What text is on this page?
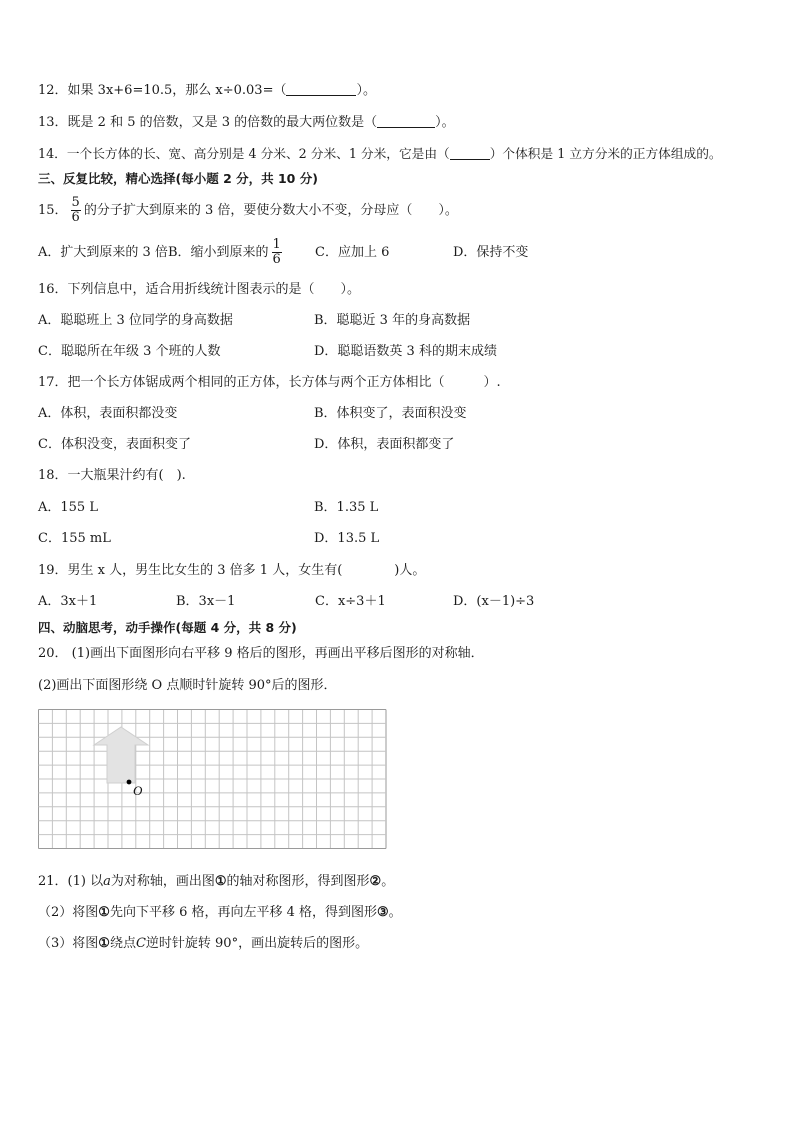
12．如果 3x+6=10.5，那么 x÷0.03=（	）。
13．既是 2 和 5 的倍数，又是 3 的倍数的最大两位数是（	）。
14．一个长方体的长、宽、高分别是 4 分米、2 分米、1 分米，它是由（	）个体积是 1 立方分米的正方体组成的。
三、反复比较，精心选择(每小题 2 分，共 10 分)
15． $\frac{5}{6}$ 的分子扩大到原来的 3 倍，要使分数大小不变，分母应（　　）。
A．扩大到原来的 3 倍B．缩小到原来的 $\frac{1}{6}$	C．应加上 6	D．保持不变
16．下列信息中，适合用折线统计图表示的是（　　）。
A．聪聪班上 3 位同学的身高数据	B．聪聪近 3 年的身高数据
C．聪聪所在年级 3 个班的人数	D．聪聪语数英 3 科的期末成绩
17．把一个长方体锯成两个相同的正方体，长方体与两个正方体相比（　　　）.
A．体积，表面积都没变	B．体积变了，表面积没变
C．体积没变，表面积变了	D．体积，表面积都变了
18．一大瓶果汁约有(　).
A．155 L	B．1.35 L
C．155 mL	D．13.5 L
19．男生 x 人，男生比女生的 3 倍多 1 人，女生有(　　　　)人。
A．3x＋1	B．3x－1	C．x÷3＋1	D．(x－1)÷3
四、动脑思考，动手操作(每题 4 分，共 8 分)
20． (1)画出下面图形向右平移 9 格后的图形，再画出平移后图形的对称轴．
(2)画出下面图形绕 O 点顺时针旋转 90°后的图形．
O
21．(1) 以a为对称轴，画出图①的轴对称图形，得到图形②。
（2）将图①先向下平移 6 格，再向左平移 4 格，得到图形③。
（3）将图①绕点C逆时针旋转 90°，画出旋转后的图形。
